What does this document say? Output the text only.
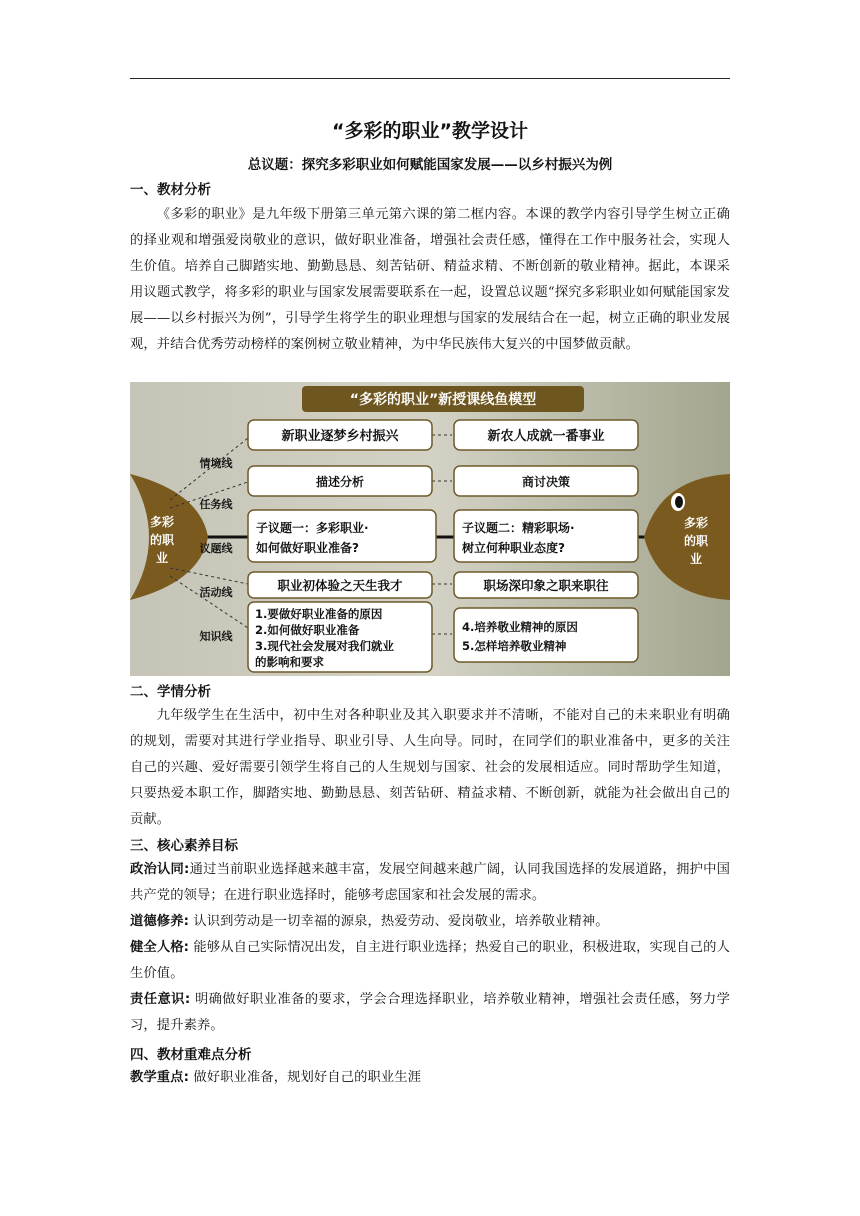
“多彩的职业”教学设计
总议题：探究多彩职业如何赋能国家发展——以乡村振兴为例
一、教材分析
《多彩的职业》是九年级下册第三单元第六课的第二框内容。本课的教学内容引导学生树立正确的择业观和增强爱岗敬业的意识，做好职业准备，增强社会责任感，懂得在工作中服务社会，实现人生价值。培养自己脚踏实地、勤勤恳恳、刻苦钻研、精益求精、不断创新的敬业精神。据此，本课采用议题式教学，将多彩的职业与国家发展需要联系在一起，设置总议题“探究多彩职业如何赋能国家发展——以乡村振兴为例”，引导学生将学生的职业理想与国家的发展结合在一起，树立正确的职业发展观，并结合优秀劳动榜样的案例树立敬业精神，为中华民族伟大复兴的中国梦做贡献。
“多彩的职业”新授课线鱼模型
多彩
的职
业
多彩
的职
业
情境线
任务线
议题线
活动线
知识线
新职业逐梦乡村振兴
描述分析
子议题一：多彩职业·
如何做好职业准备?
职业初体验之天生我才
1.要做好职业准备的原因
2.如何做好职业准备
3.现代社会发展对我们就业
的影响和要求
新农人成就一番事业
商讨决策
子议题二：精彩职场·
树立何种职业态度?
职场深印象之职来职往
4.培养敬业精神的原因
5.怎样培养敬业精神
二、学情分析
九年级学生在生活中，初中生对各种职业及其入职要求并不清晰，不能对自己的未来职业有明确的规划，需要对其进行学业指导、职业引导、人生向导。同时，在同学们的职业准备中，更多的关注自己的兴趣、爱好需要引领学生将自己的人生规划与国家、社会的发展相适应。同时帮助学生知道，只要热爱本职工作，脚踏实地、勤勤恳恳、刻苦钻研、精益求精、不断创新，就能为社会做出自己的贡献。
三、核心素养目标
政治认同:通过当前职业选择越来越丰富，发展空间越来越广阔，认同我国选择的发展道路，拥护中国共产党的领导；在进行职业选择时，能够考虑国家和社会发展的需求。
道德修养: 认识到劳动是一切幸福的源泉，热爱劳动、爱岗敬业，培养敬业精神。
健全人格: 能够从自己实际情况出发，自主进行职业选择；热爱自己的职业，积极进取，实现自己的人生价值。
责任意识: 明确做好职业准备的要求，学会合理选择职业，培养敬业精神，增强社会责任感，努力学习，提升素养。
四、教材重难点分析
教学重点: 做好职业准备，规划好自己的职业生涯
